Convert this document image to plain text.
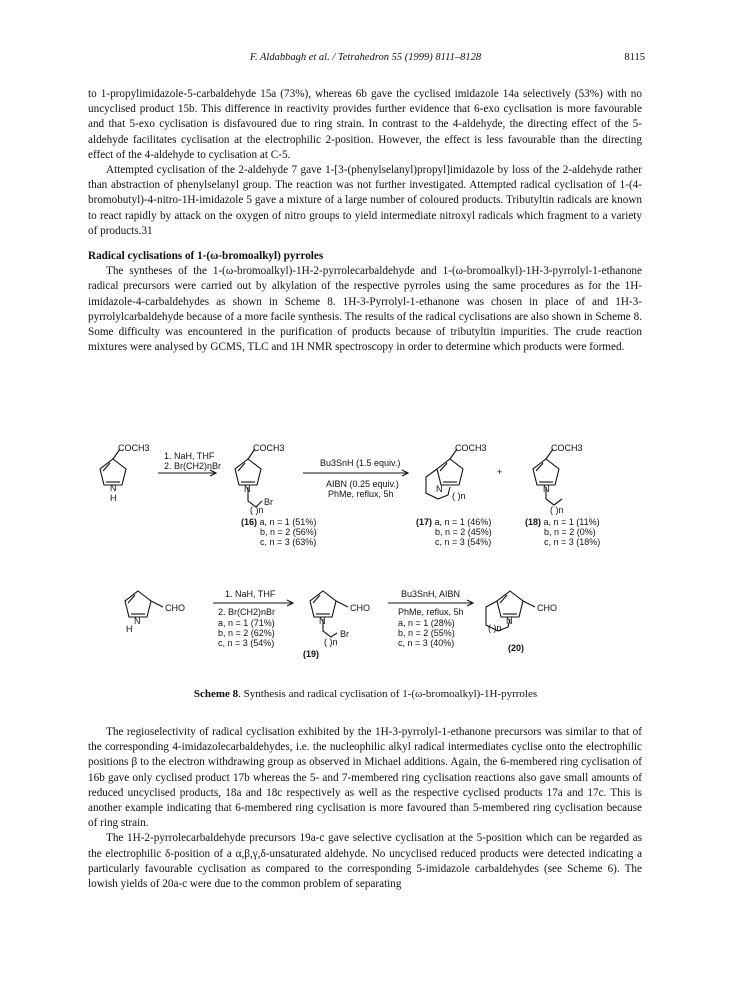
F. Aldabbagh et al. / Tetrahedron 55 (1999) 8111–8128	8115

to 1-propylimidazole-5-carbaldehyde 15a (73%), whereas 6b gave the cyclised imidazole 14a selectively (53%) with no uncyclised product 15b. This difference in reactivity provides further evidence that 6-exo cyclisation is more favourable and that 5-exo cyclisation is disfavoured due to ring strain. In contrast to the 4-aldehyde, the directing effect of the 5-aldehyde facilitates cyclisation at the electrophilic 2-position. However, the effect is less favourable than the directing effect of the 4-aldehyde to cyclisation at C-5.

Attempted cyclisation of the 2-aldehyde 7 gave 1-[3-(phenylselanyl)propyl]imidazole by loss of the 2-aldehyde rather than abstraction of phenylselanyl group. The reaction was not further investigated. Attempted radical cyclisation of 1-(4-bromobutyl)-4-nitro-1H-imidazole 5 gave a mixture of a large number of coloured products. Tributyltin radicals are known to react rapidly by attack on the oxygen of nitro groups to yield intermediate nitroxyl radicals which fragment to a variety of products.31

Radical cyclisations of 1-(ω-bromoalkyl) pyrroles

The syntheses of the 1-(ω-bromoalkyl)-1H-2-pyrrolecarbaldehyde and 1-(ω-bromoalkyl)-1H-3-pyrrolyl-1-ethanone radical precursors were carried out by alkylation of the respective pyrroles using the same procedures as for the 1H-imidazole-4-carbaldehydes as shown in Scheme 8. 1H-3-Pyrrolyl-1-ethanone was chosen in place of and 1H-3-pyrrolylcarbaldehyde because of a more facile synthesis. The results of the radical cyclisations are also shown in Scheme 8. Some difficulty was encountered in the purification of products because of tributyltin impurities. The crude reaction mixtures were analysed by GCMS, TLC and 1H NMR spectroscopy in order to determine which products were formed.

COCH3
N
H
COCH3
N
( )n
Br
COCH3
N
( )n
+
COCH3
N
( )n
1. NaH, THF
2. Br(CH2)nBr	Bu3SnH (1.5 equiv.)
AIBN (0.25 equiv.)
PhMe, reflux, 5h
(16) a, n = 1 (51%)
b, n = 2 (56%)
c, n = 3 (63%)
(17) a, n = 1 (46%)
b, n = 2 (45%)
c, n = 3 (54%)
(18) a, n = 1 (11%)
b, n = 2 (0%)
c, n = 3 (18%)
CHO
N
H
CHO
N
( )n
Br
CHO
N
( )n
1. NaH, THF
2. Br(CH2)nBr
a, n = 1 (71%)
b, n = 2 (62%)
c, n = 3 (54%)
(19)
Bu3SnH, AIBN
PhMe, reflux, 5h
a, n = 1 (28%)
b, n = 2 (55%)
c, n = 3 (40%)	(20)
Scheme 8. Synthesis and radical cyclisation of 1-(ω-bromoalkyl)-1H-pyrroles

The regioselectivity of radical cyclisation exhibited by the 1H-3-pyrrolyl-1-ethanone precursors was similar to that of the corresponding 4-imidazolecarbaldehydes, i.e. the nucleophilic alkyl radical intermediates cyclise onto the electrophilic positions β to the electron withdrawing group as observed in Michael additions. Again, the 6-membered ring cyclisation of 16b gave only cyclised product 17b whereas the 5- and 7-membered ring cyclisation reactions also gave small amounts of reduced uncyclised products, 18a and 18c respectively as well as the respective cyclised products 17a and 17c. This is another example indicating that 6-membered ring cyclisation is more favoured than 5-membered ring cyclisation because of ring strain.

The 1H-2-pyrrolecarbaldehyde precursors 19a-c gave selective cyclisation at the 5-position which can be regarded as the electrophilic δ-position of a α,β,γ,δ-unsaturated aldehyde. No uncyclised reduced products were detected indicating a particularly favourable cyclisation as compared to the corresponding 5-imidazole carbaldehydes (see Scheme 6). The lowish yields of 20a-c were due to the common problem of separating
